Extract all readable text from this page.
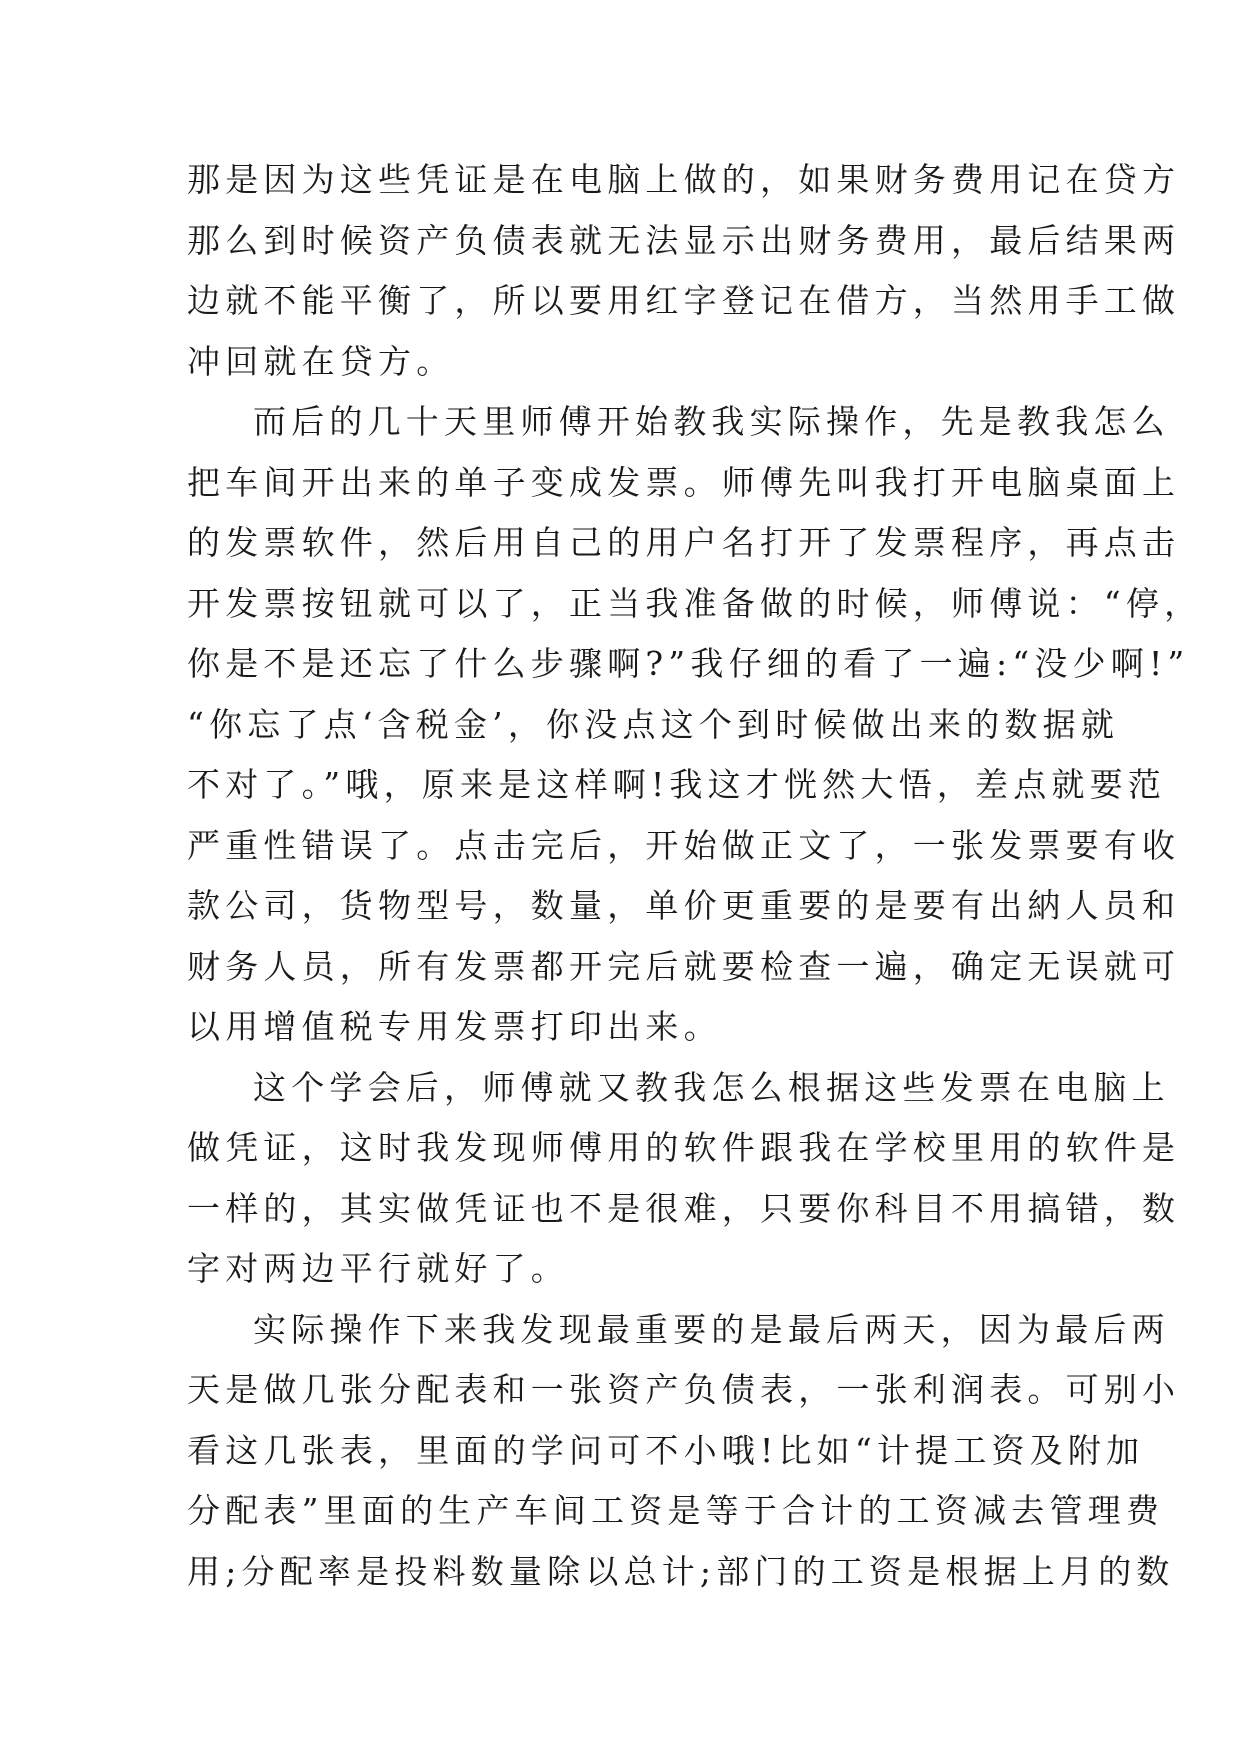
那是因为这些凭证是在电脑上做的，如果财务费用记在贷方
那么到时候资产负债表就无法显示出财务费用，最后结果两
边就不能平衡了，所以要用红字登记在借方，当然用手工做
冲回就在贷方。
而后的几十天里师傅开始教我实际操作，先是教我怎么
把车间开出来的单子变成发票。师傅先叫我打开电脑桌面上
的发票软件，然后用自己的用户名打开了发票程序，再点击
开发票按钮就可以了，正当我准备做的时候，师傅说：“停，
你是不是还忘了什么步骤啊?”我仔细的看了一遍:“没少啊!”
“你忘了点‘含税金’，你没点这个到时候做出来的数据就
不对了。”哦，原来是这样啊!我这才恍然大悟，差点就要范
严重性错误了。点击完后，开始做正文了，一张发票要有收
款公司，货物型号，数量，单价更重要的是要有出納人员和
财务人员，所有发票都开完后就要检查一遍，确定无误就可
以用增值税专用发票打印出来。
这个学会后，师傅就又教我怎么根据这些发票在电脑上
做凭证，这时我发现师傅用的软件跟我在学校里用的软件是
一样的，其实做凭证也不是很难，只要你科目不用搞错，数
字对两边平行就好了。
实际操作下来我发现最重要的是最后两天，因为最后两
天是做几张分配表和一张资产负债表，一张利润表。可别小
看这几张表，里面的学问可不小哦!比如“计提工资及附加
分配表”里面的生产车间工资是等于合计的工资减去管理费
用;分配率是投料数量除以总计;部门的工资是根据上月的数
